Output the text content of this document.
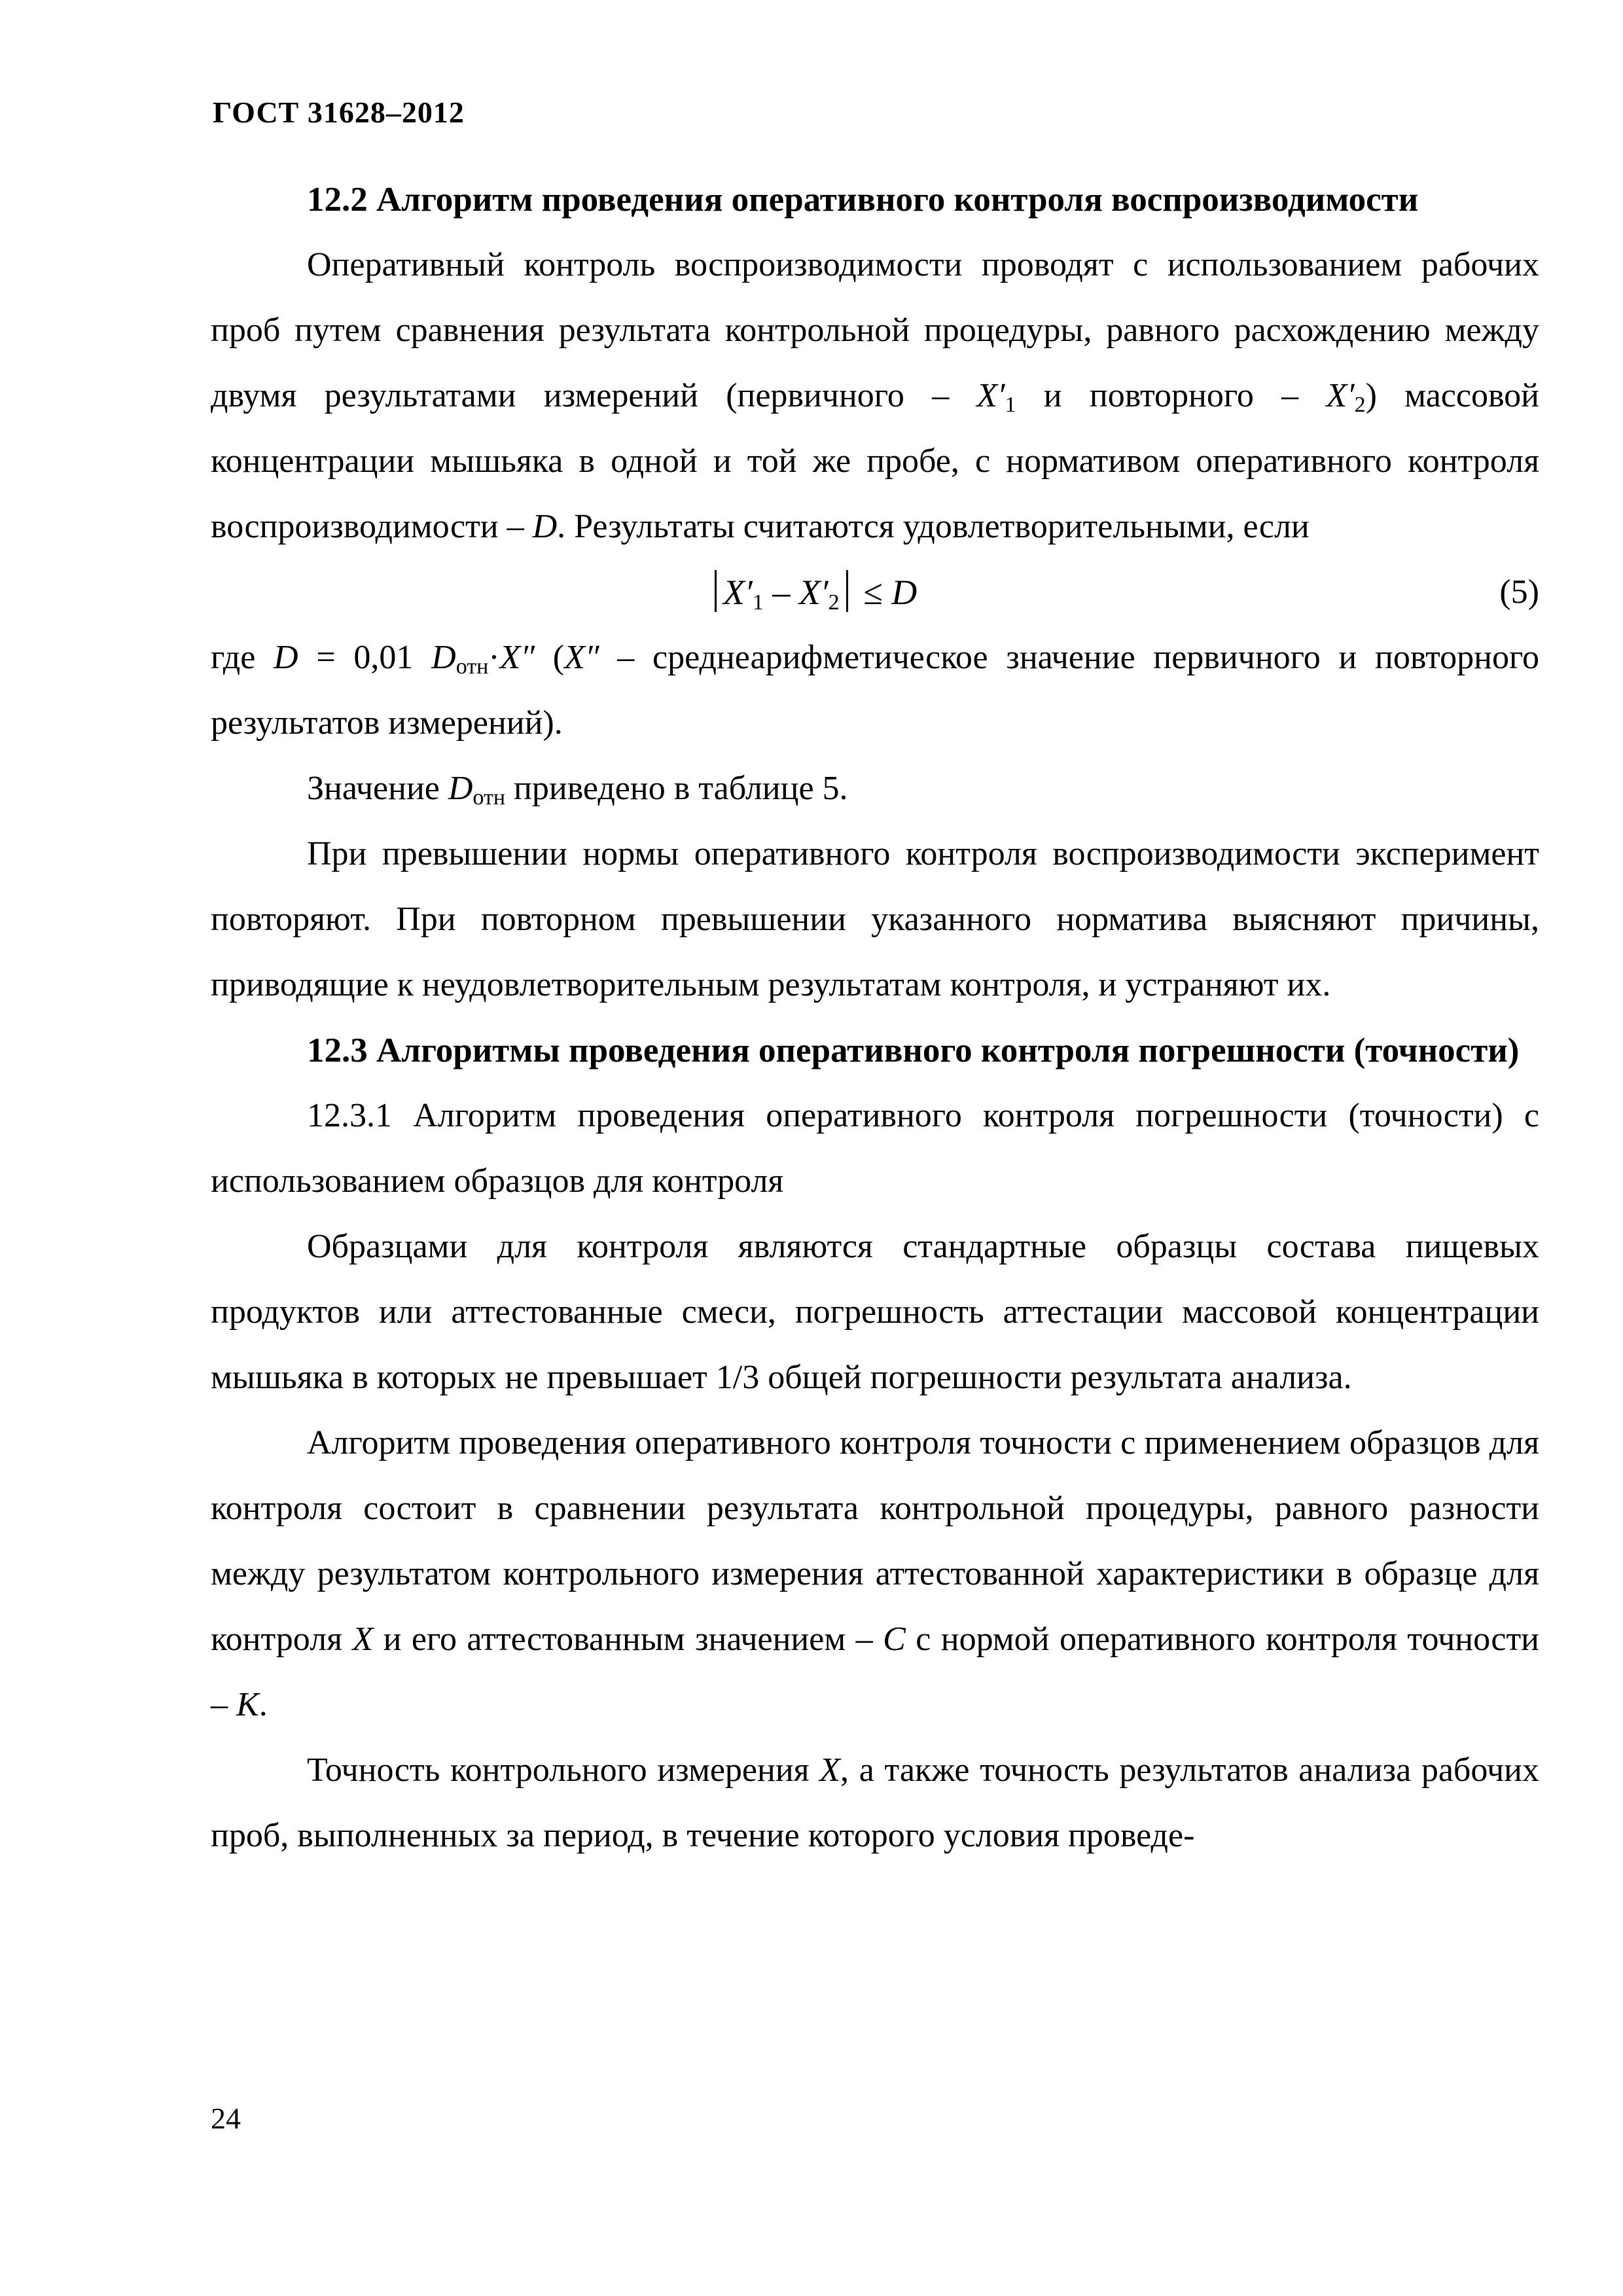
ГОСТ 31628–2012

12.2 Алгоритм проведения оперативного контроля воспроизводимости

Оперативный контроль воспроизводимости проводят с использованием рабочих проб путем сравнения результата контрольной процедуры, равного расхождению между двумя результатами измерений (первичного – $X'_1$ и повторного – $X'_2$) массовой концентрации мышьяка в одной и той же пробе, с нормативом оперативного контроля воспроизводимости – D. Результаты считаются удовлетворительными, если

$X'_1 - X'_2 \le D$	(5)

где D = 0,01 $D_{отн}\cdot X''$ (X″ – среднеарифметическое значение первичного и повторного результатов измерений).

Значение $D_{отн}$ приведено в таблице 5.

При превышении нормы оперативного контроля воспроизводимости эксперимент повторяют. При повторном превышении указанного норматива выясняют причины, приводящие к неудовлетворительным результатам контроля, и устраняют их.

12.3 Алгоритмы проведения оперативного контроля погрешности (точности)

12.3.1 Алгоритм проведения оперативного контроля погрешности (точности) с использованием образцов для контроля

Образцами для контроля являются стандартные образцы состава пищевых продуктов или аттестованные смеси, погрешность аттестации массовой концентрации мышьяка в которых не превышает 1/3 общей погрешности результата анализа.

Алгоритм проведения оперативного контроля точности с применением образцов для контроля состоит в сравнении результата контрольной процедуры, равного разности между результатом контрольного измерения аттестованной характеристики в образце для контроля X и его аттестованным значением – C с нормой оперативного контроля точности – K.

Точность контрольного измерения X, а также точность результатов анализа рабочих проб, выполненных за период, в течение которого условия проведе-

24
